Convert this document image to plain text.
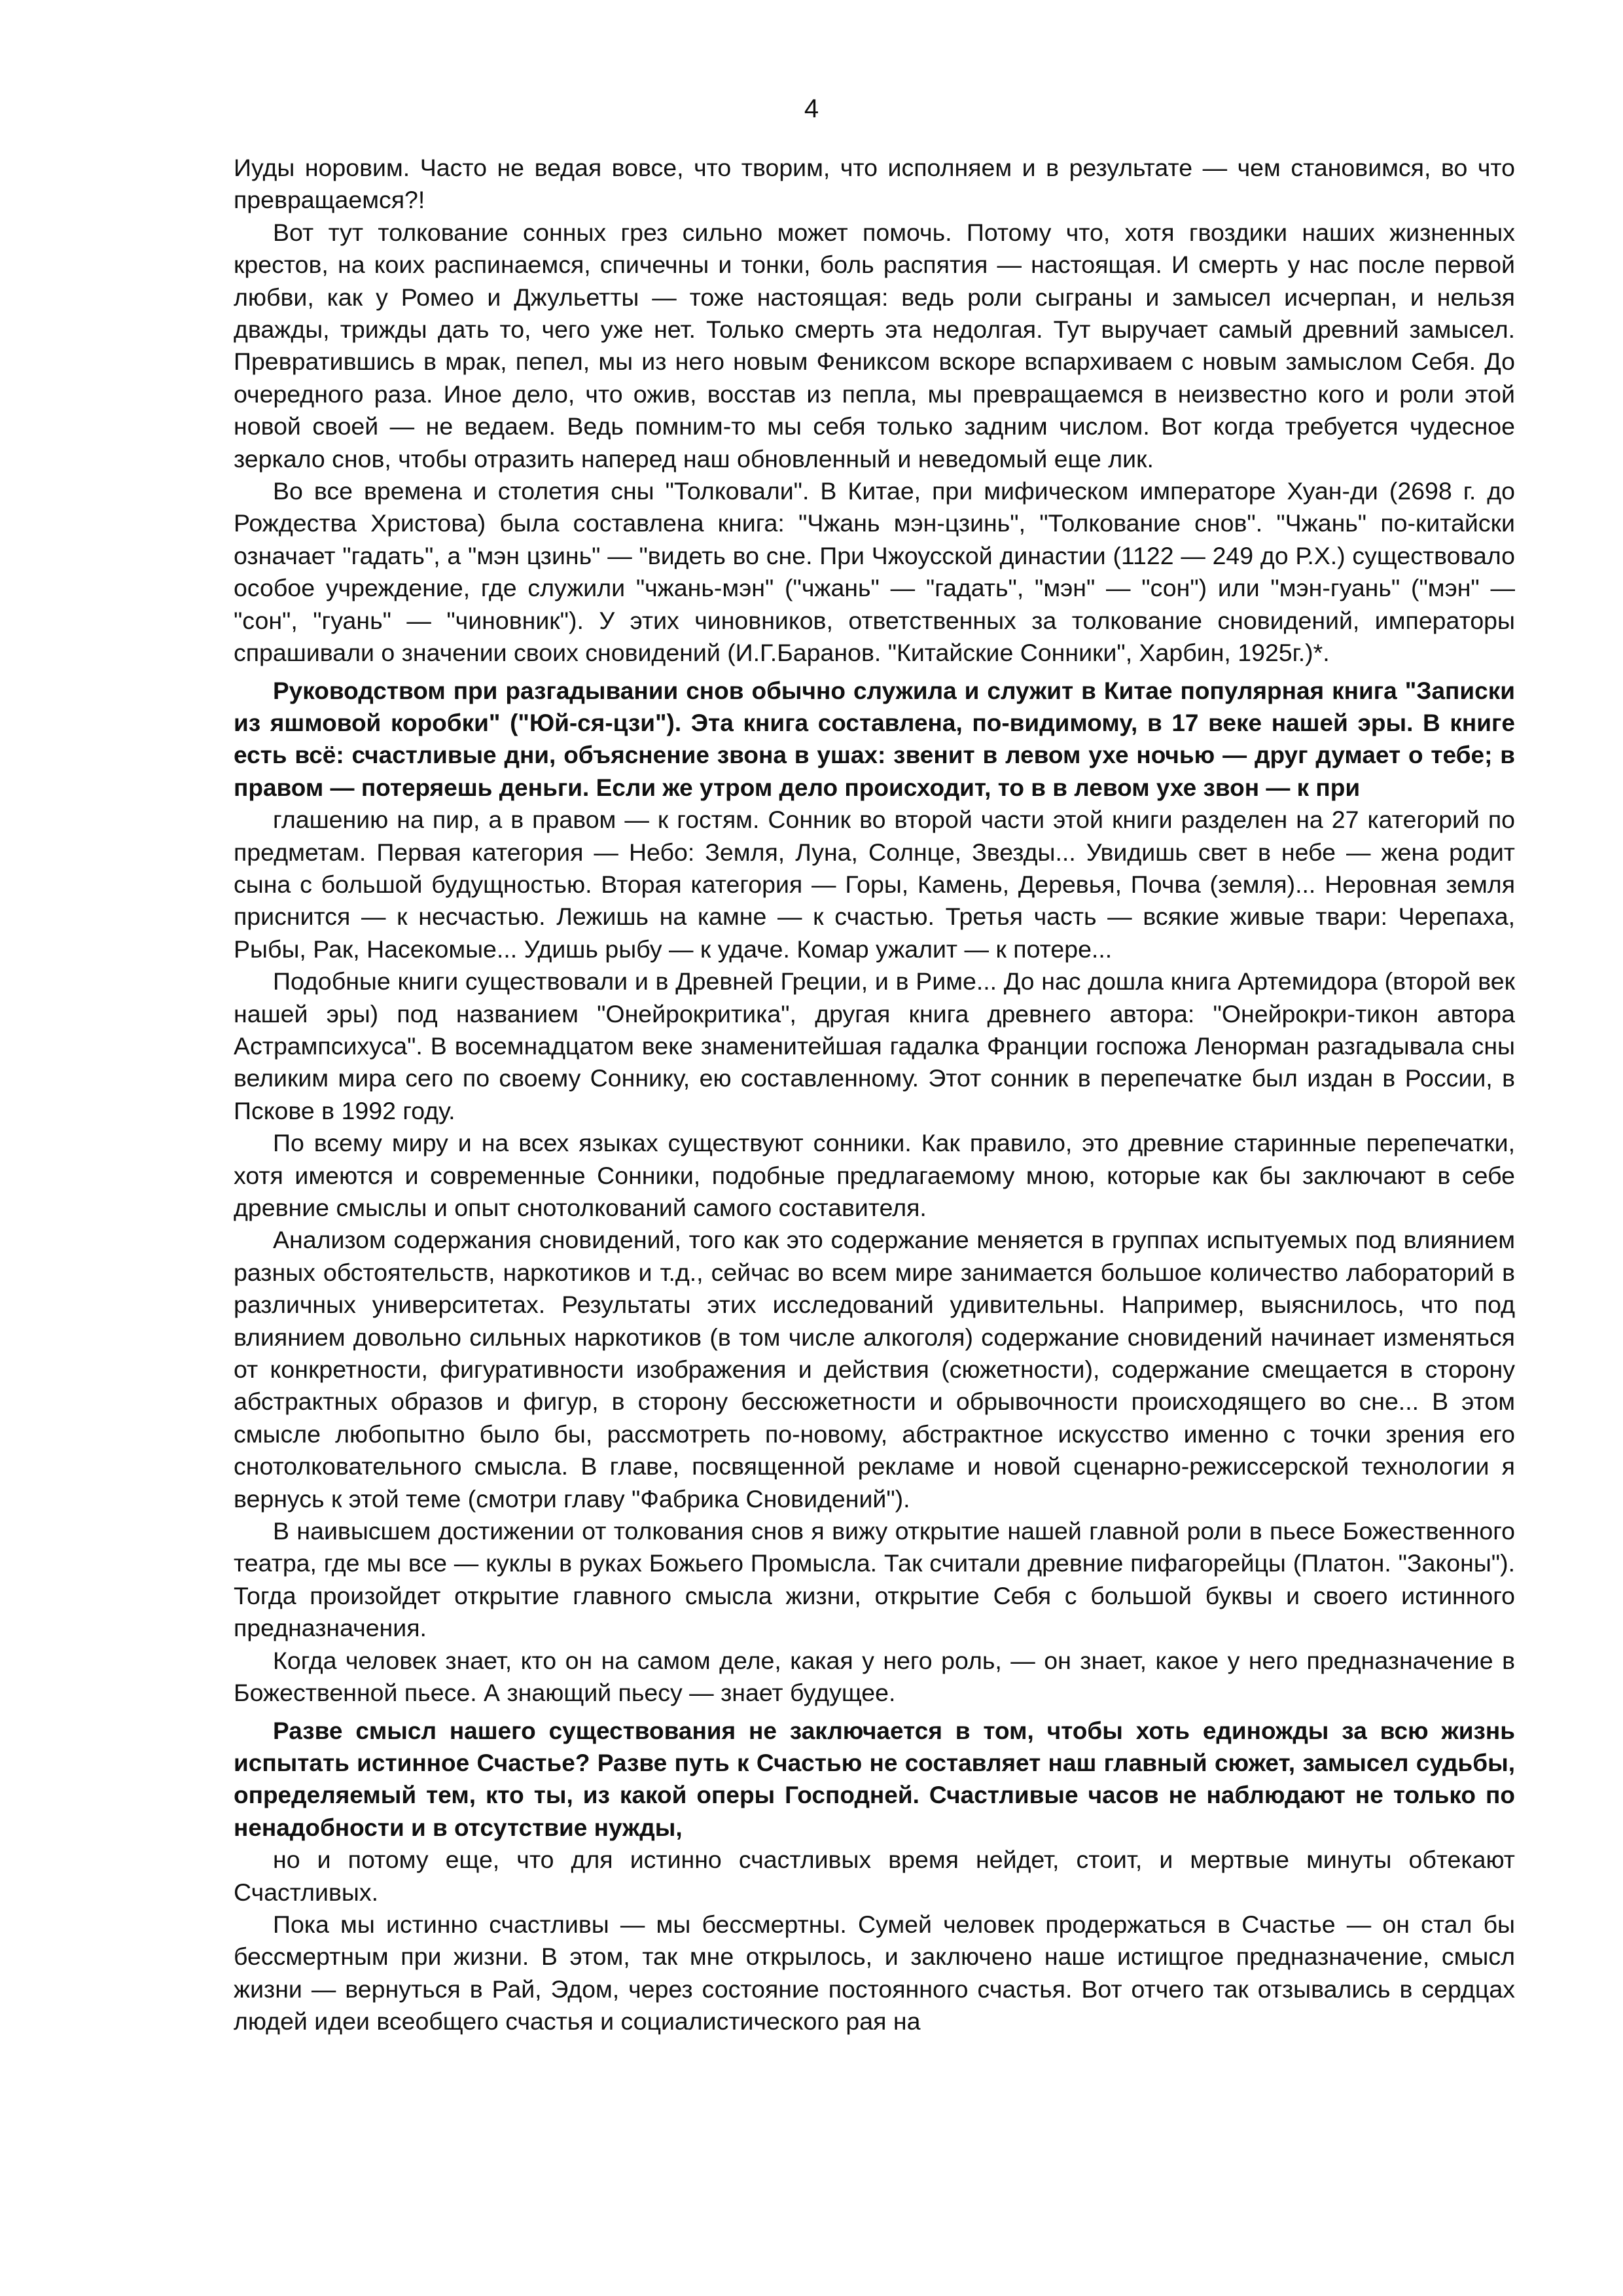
4

Иуды норовим. Часто не ведая вовсе, что творим, что исполняем и в результате — чем становимся, во что превращаемся?!

Вот тут толкование сонных грез сильно может помочь. Потому что, хотя гвоздики наших жизненных крестов, на коих распинаемся, спичечны и тонки, боль распятия — настоящая. И смерть у нас после первой любви, как у Ромео и Джульетты — тоже настоящая: ведь роли сыграны и замысел исчерпан, и нельзя дважды, трижды дать то, чего уже нет. Только смерть эта недолгая. Тут выручает самый древний замысел. Превратившись в мрак, пепел, мы из него новым Фениксом вскоре вспархиваем с новым замыслом Себя. До очередного раза. Иное дело, что ожив, восстав из пепла, мы превращаемся в неизвестно кого и роли этой новой своей — не ведаем. Ведь помним-то мы себя только задним числом. Вот когда требуется чудесное зеркало снов, чтобы отразить наперед наш обновленный и неведомый еще лик.

Во все времена и столетия сны "Толковали". В Китае, при мифическом императоре Хуан-ди (2698 г. до Рождества Христова) была составлена книга: "Чжань мэн-цзинь", "Толкование снов". "Чжань" по-китайски означает "гадать", а "мэн цзинь" — "видеть во сне. При Чжоусской династии (1122 — 249 до Р.Х.) существовало особое учреждение, где служили "чжань-мэн" ("чжань" — "гадать", "мэн" — "сон") или "мэн-гуань" ("мэн" — "сон", "гуань" — "чиновник"). У этих чиновников, ответственных за толкование сновидений, императоры спрашивали о значении своих сновидений (И.Г.Баранов. "Китайские Сонники", Харбин, 1925г.)*.

Руководством при разгадывании снов обычно служила и служит в Китае популярная книга "Записки из яшмовой коробки" ("Юй-ся-цзи"). Эта книга составлена, по-видимому, в 17 веке нашей эры. В книге есть всё: счастливые дни, объяснение звона в ушах: звенит в левом ухе ночью — друг думает о тебе; в правом — потеряешь деньги. Если же утром дело происходит, то в в левом ухе звон — к при

глашению на пир, а в правом — к гостям. Сонник во второй части этой книги разделен на 27 категорий по предметам. Первая категория — Небо: Земля, Луна, Солнце, Звезды... Увидишь свет в небе — жена родит сына с большой будущностью. Вторая категория — Горы, Камень, Деревья, Почва (земля)... Неровная земля приснится — к несчастью. Лежишь на камне — к счастью. Третья часть — всякие живые твари: Черепаха, Рыбы, Рак, Насекомые... Удишь рыбу — к удаче. Комар ужалит — к потере...

Подобные книги существовали и в Древней Греции, и в Риме... До нас дошла книга Артемидора (второй век нашей эры) под названием "Онейрокритика", другая книга древнего автора: "Онейрокри-тикон автора Астрампсихуса". В восемнадцатом веке знаменитейшая гадалка Франции госпожа Ленорман разгадывала сны великим мира сего по своему Соннику, ею составленному. Этот сонник в перепечатке был издан в России, в Пскове в 1992 году.

По всему миру и на всех языках существуют сонники. Как правило, это древние старинные перепечатки, хотя имеются и современные Сонники, подобные предлагаемому мною, которые как бы заключают в себе древние смыслы и опыт снотолкований самого составителя.

Анализом содержания сновидений, того как это содержание меняется в группах испытуемых под влиянием разных обстоятельств, наркотиков и т.д., сейчас во всем мире занимается большое количество лабораторий в различных университетах. Результаты этих исследований удивительны. Например, выяснилось, что под влиянием довольно сильных наркотиков (в том числе алкоголя) содержание сновидений начинает изменяться от конкретности, фигуративности изображения и действия (сюжетности), содержание смещается в сторону абстрактных образов и фигур, в сторону бессюжетности и обрывочности происходящего во сне... В этом смысле любопытно было бы, рассмотреть по-новому, абстрактное искусство именно с точки зрения его снотолковательного смысла. В главе, посвященной рекламе и новой сценарно-режиссерской технологии я вернусь к этой теме (смотри главу "Фабрика Сновидений").

В наивысшем достижении от толкования снов я вижу открытие нашей главной роли в пьесе Божественного театра, где мы все — куклы в руках Божьего Промысла. Так считали древние пифагорейцы (Платон. "Законы"). Тогда произойдет открытие главного смысла жизни, открытие Себя с большой буквы и своего истинного предназначения.

Когда человек знает, кто он на самом деле, какая у него роль, — он знает, какое у него предназначение в Божественной пьесе. А знающий пьесу — знает будущее.

Разве смысл нашего существования не заключается в том, чтобы хоть единожды за всю жизнь испытать истинное Счастье? Разве путь к Счастью не составляет наш главный сюжет, замысел судьбы, определяемый тем, кто ты, из какой оперы Господней. Счастливые часов не наблюдают не только по ненадобности и в отсутствие нужды,

но и потому еще, что для истинно счастливых время нейдет, стоит, и мертвые минуты обтекают Счастливых.

Пока мы истинно счастливы — мы бессмертны. Сумей человек продержаться в Счастье — он стал бы бессмертным при жизни. В этом, так мне открылось, и заключено наше истищгое предназначение, смысл жизни — вернуться в Рай, Эдом, через состояние постоянного счастья. Вот отчего так отзывались в сердцах людей идеи всеобщего счастья и социалистического рая на
